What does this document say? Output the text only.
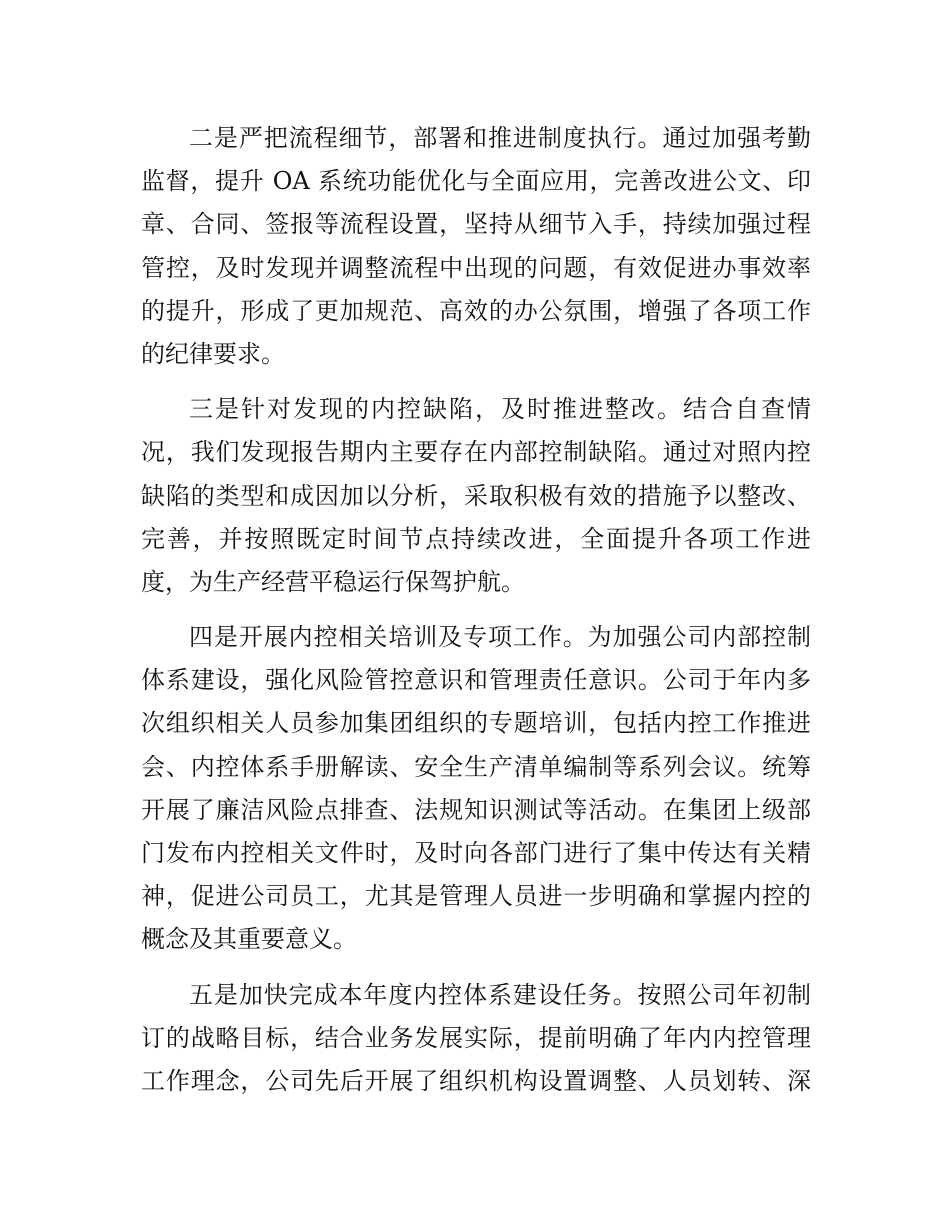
二是严把流程细节，部署和推进制度执行。通过加强考勤
监督，提升 OA 系统功能优化与全面应用，完善改进公文、印
章、合同、签报等流程设置，坚持从细节入手，持续加强过程
管控，及时发现并调整流程中出现的问题，有效促进办事效率
的提升，形成了更加规范、高效的办公氛围，增强了各项工作
的纪律要求。
三是针对发现的内控缺陷，及时推进整改。结合自查情
况，我们发现报告期内主要存在内部控制缺陷。通过对照内控
缺陷的类型和成因加以分析，采取积极有效的措施予以整改、
完善，并按照既定时间节点持续改进，全面提升各项工作进
度，为生产经营平稳运行保驾护航。
四是开展内控相关培训及专项工作。为加强公司内部控制
体系建设，强化风险管控意识和管理责任意识。公司于年内多
次组织相关人员参加集团组织的专题培训，包括内控工作推进
会、内控体系手册解读、安全生产清单编制等系列会议。统筹
开展了廉洁风险点排查、法规知识测试等活动。在集团上级部
门发布内控相关文件时，及时向各部门进行了集中传达有关精
神，促进公司员工，尤其是管理人员进一步明确和掌握内控的
概念及其重要意义。
五是加快完成本年度内控体系建设任务。按照公司年初制
订的战略目标，结合业务发展实际，提前明确了年内内控管理
工作理念，公司先后开展了组织机构设置调整、人员划转、深
